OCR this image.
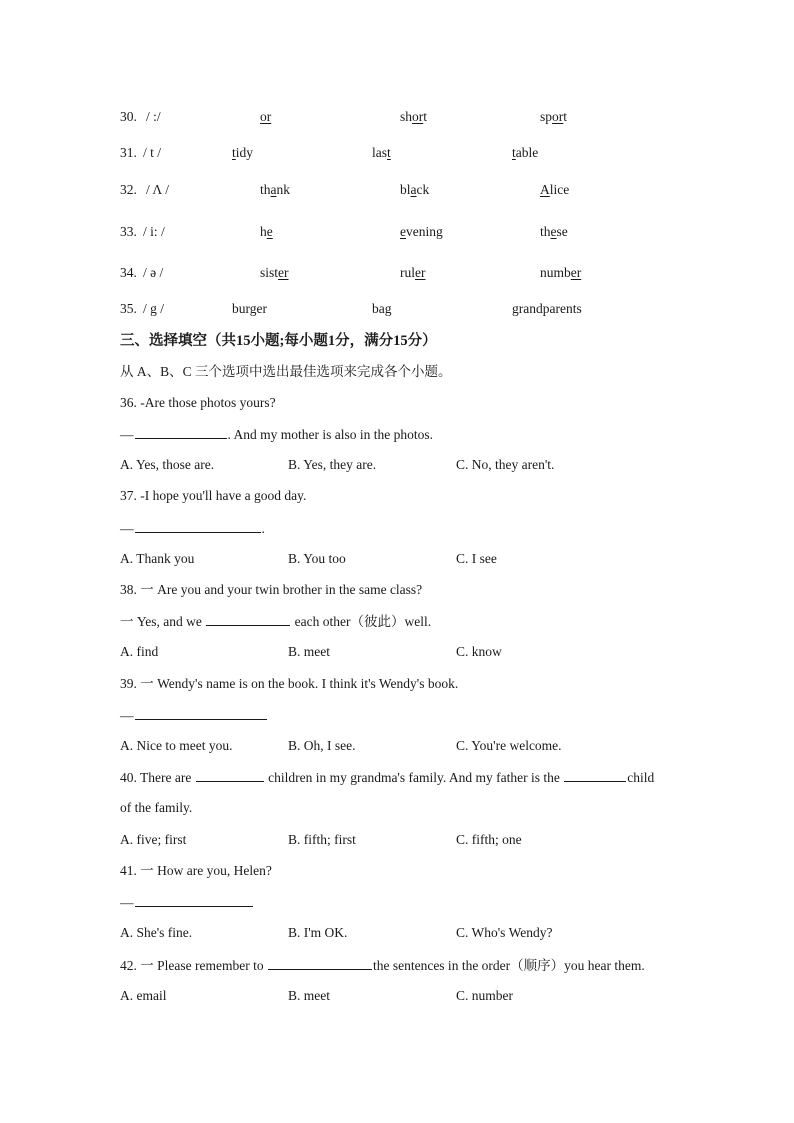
30. / :/	or	short	sport
31. / t /	tidy	last	table
32. / Λ /	thank	black	Alice
33. / i: /	he	evening	these
34. / ə /	sister	ruler	number
35. / g /	burger	bag	grandparents
三、选择填空（共15小题;每小题1分，满分15分）
从 A、B、C 三个选项中选出最佳选项来完成各个小题。
36. -Are those photos yours?
—	. And my mother is also in the photos.
A. Yes, those are.	B. Yes, they are.	C. No, they aren't.
37. -I hope you'll have a good day.
—	.
A. Thank you	B. You too	C. I see
38. 一 Are you and your twin brother in the same class?
一 Yes, and we	each other（彼此）well.
A. find	B. meet	C. know
39. 一 Wendy's name is on the book. I think it's Wendy's book.
—
A. Nice to meet you.	B. Oh, I see.	C. You're welcome.
40. There are	children in my grandma's family. And my father is the	child
of the family.
A. five; first	B. fifth; first	C. fifth; one
41. 一 How are you, Helen?
—
A. She's fine.	B. I'm OK.	C. Who's Wendy?
42. 一 Please remember to	the sentences in the order（顺序）you hear them.
A. email	B. meet	C. number
